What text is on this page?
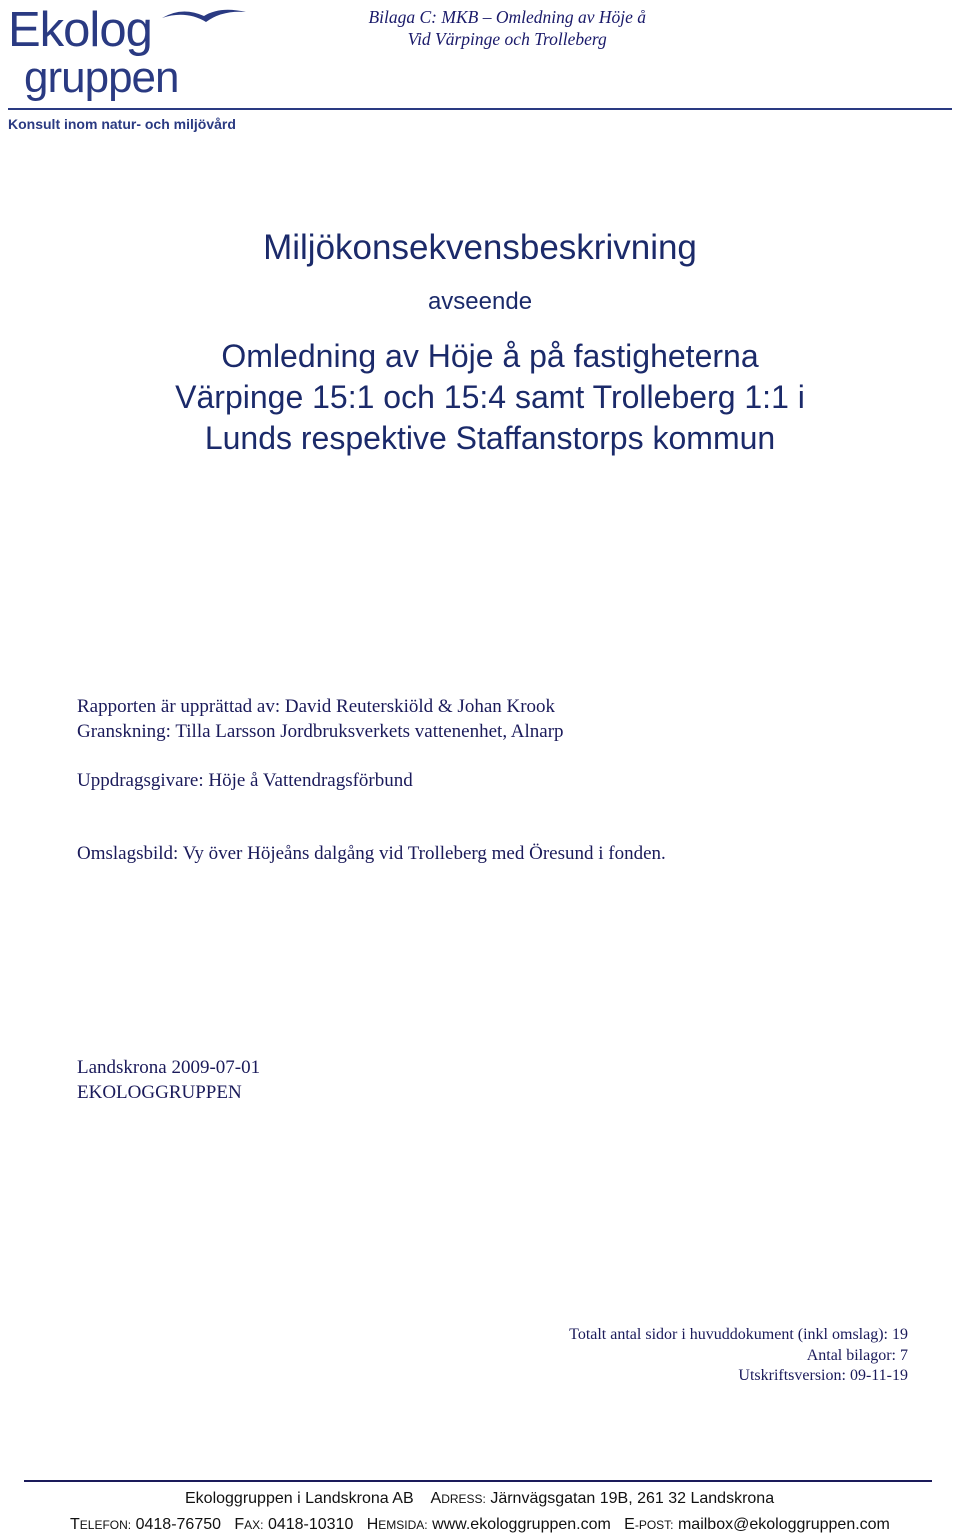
Ekolog
gruppen
Konsult inom natur- och miljövård
Bilaga C: MKB – Omledning av Höje å
Vid Värpinge och Trolleberg
Miljökonsekvensbeskrivning
avseende
Omledning av Höje å på fastigheterna
Värpinge 15:1 och 15:4 samt Trolleberg 1:1 i
Lunds respektive Staffanstorps kommun
Rapporten är upprättad av: David Reuterskiöld & Johan Krook
Granskning: Tilla Larsson Jordbruksverkets vattenenhet, Alnarp
Uppdragsgivare: Höje å Vattendragsförbund
Omslagsbild: Vy över Höjeåns dalgång vid Trolleberg med Öresund i fonden.
Landskrona 2009-07-01
EKOLOGGRUPPEN
Totalt antal sidor i huvuddokument (inkl omslag): 19
Antal bilagor: 7
Utskriftsversion: 09-11-19
Ekologgruppen i Landskrona AB ADRESS: Järnvägsgatan 19B, 261 32 Landskrona
TELEFON: 0418-76750 FAX: 0418-10310 HEMSIDA: www.ekologgruppen.com E-POST: mailbox@ekologgruppen.com
